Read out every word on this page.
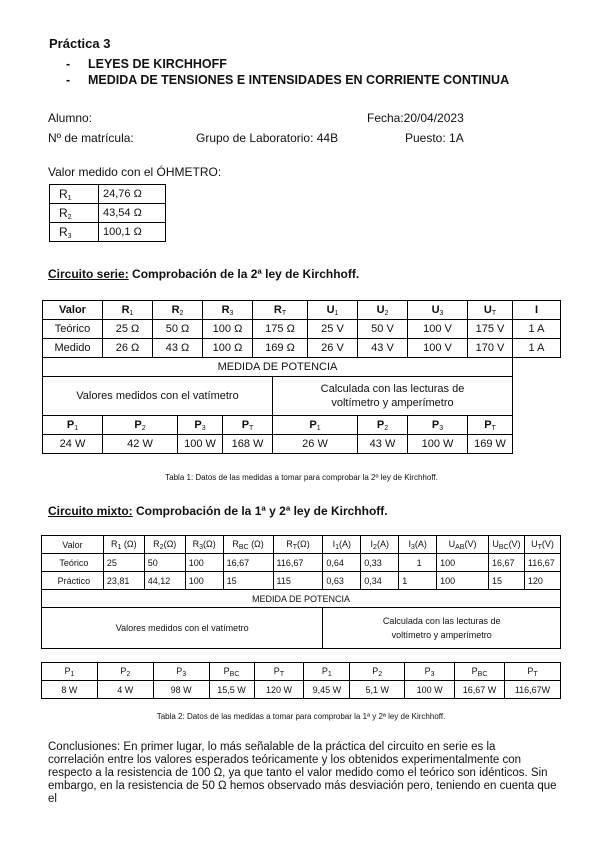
Práctica 3
- LEYES DE KIRCHHOFF
- MEDIDA DE TENSIONES E INTENSIDADES EN CORRIENTE CONTINUA
Alumno:	Fecha:20/04/2023
Nº de matrícula:	Grupo de Laboratorio: 44B	Puesto: 1A
Valor medido con el ÓHMETRO:
$R_1$	24,76 Ω
$R_2$	43,54 Ω
$R_3$	100,1 Ω
Circuito serie: Comprobación de la 2ª ley de Kirchhoff.
Valor	$R_1$	$R_2$		$R_3$		$R_T$		$U_1$	$U_2$	$U_3$	$U_T$	I
Teórico	25 Ω	50 Ω		100 Ω		175 Ω		25 V	50 V	100 V	175 V	1 A
Medido	26 Ω	43 Ω		100 Ω		169 Ω		26 V	43 V	100 V	170 V	1 A
MEDIDA DE POTENCIA												
Valores medidos con el vatímetro							Calculada con las lecturas de
voltímetro y amperímetro					

$P_1$	$P_2$		$P_3$		$P_T$		$P_1$		$P_2$	$P_3$	$P_T$
24 W	42 W		100 W		168 W		26 W		43 W	100 W	169 W	
Tabla 1: Datos de las medidas a tomar para comprobar la 2º ley de Kirchhoff.
Circuito mixto: Comprobación de la 1ª y 2ª ley de Kirchhoff.
Valor	$R_1$ (Ω)	$R_2(\Omega)$	$R_3(\Omega)$	$R_{BC}$ (Ω)	$R_T(\Omega)$	$I_1(A)$	$I_2(A)$	$I_3(A)$	$U_{AB}(V)$	$U_{BC}(V)$	$U_T(V)$
Teórico	25	50	100	16,67	116,67	0,64	0,33	1	100	16,67	116,67
Práctico	23,81	44,12	100	15	115	0,63	0,34	1	100	15	120
MEDIDA DE POTENCIA											
Valores medidos con el vatímetro						Calculada con las lecturas de
voltímetro y amperímetro					
$P_1$	$P_2$	$P_3$	$P_{BC}$	$P_T$	$P_1$	$P_2$	$P_3$	$P_{BC}$	$P_T$
8 W	4 W	98 W	15,5 W	120 W	9,45 W	5,1 W	100 W	16,67 W	116,67W
Tabla 2: Datos de las medidas a tomar para comprobar la 1ª y 2ª ley de Kirchhoff.
Conclusiones: En primer lugar, lo más señalable de la práctica del circuito en serie es la
correlación entre los valores esperados teóricamente y los obtenidos experimentalmente con
respecto a la resistencia de 100 Ω, ya que tanto el valor medido como el teórico son idénticos. Sin
embargo, en la resistencia de 50 Ω hemos observado más desviación pero, teniendo en cuenta que el
